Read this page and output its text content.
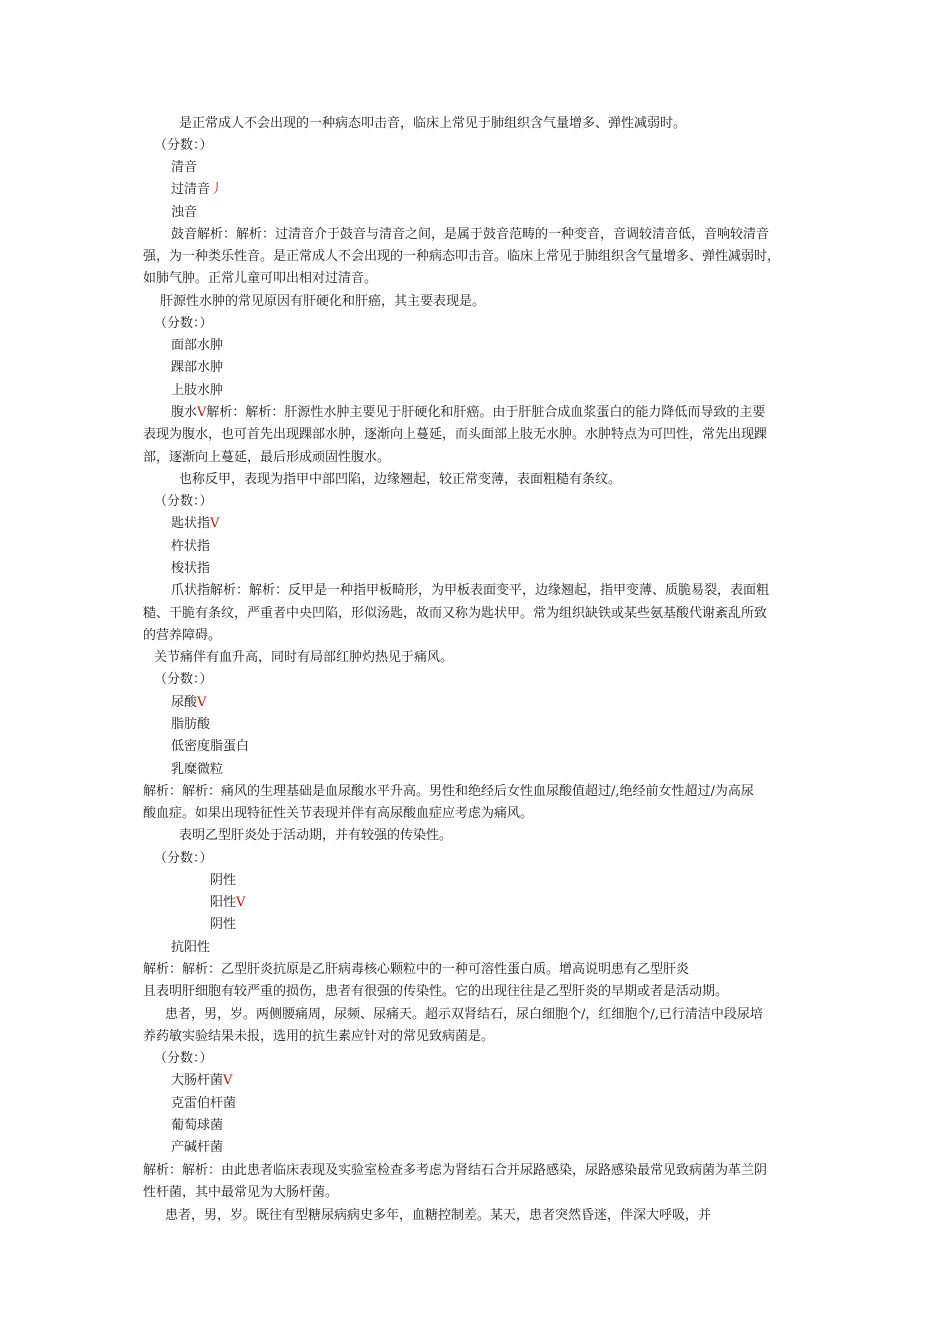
是正常成人不会出现的一种病态叩击音，临床上常见于肺组织含气量增多、弹性减弱时。
（分数：）
清音
过清音丿
浊音
鼓音解析：解析：过清音介于鼓音与清音之间，是属于鼓音范畴的一种变音，音调较清音低，音响较清音
强，为一种类乐性音。是正常成人不会出现的一种病态叩击音。临床上常见于肺组织含气量增多、弹性减弱时，
如肺气肿。正常儿童可叩出相对过清音。
肝源性水肿的常见原因有肝硬化和肝癌，其主要表现是。
（分数：）
面部水肿
踝部水肿
上肢水肿
腹水V解析：解析：肝源性水肿主要见于肝硬化和肝癌。由于肝脏合成血浆蛋白的能力降低而导致的主要
表现为腹水，也可首先出现踝部水肿，逐渐向上蔓延，而头面部上肢无水肿。水肿特点为可凹性，常先出现踝
部，逐渐向上蔓延，最后形成顽固性腹水。
也称反甲，表现为指甲中部凹陷，边缘翘起，较正常变薄，表面粗糙有条纹。
（分数：）
匙状指V
杵状指
梭状指
爪状指解析：解析：反甲是一种指甲板畸形，为甲板表面变平，边缘翘起，指甲变薄、质脆易裂，表面粗
糙、干脆有条纹，严重者中央凹陷，形似汤匙，故而又称为匙状甲。常为组织缺铁或某些氨基酸代谢紊乱所致
的营养障碍。
关节痛伴有血升高，同时有局部红肿灼热见于痛风。
（分数：）
尿酸V
脂肪酸
低密度脂蛋白
乳糜微粒
解析：解析：痛风的生理基础是血尿酸水平升高。男性和绝经后女性血尿酸值超过/,绝经前女性超过/为高尿
酸血症。如果出现特征性关节表现并伴有高尿酸血症应考虑为痛风。
表明乙型肝炎处于活动期，并有较强的传染性。
（分数：）
阴性
阳性V
阴性
抗阳性
解析：解析：乙型肝炎抗原是乙肝病毒核心颗粒中的一种可溶性蛋白质。增高说明患有乙型肝炎
且表明肝细胞有较严重的损伤，患者有很强的传染性。它的出现往往是乙型肝炎的早期或者是活动期。
患者，男，岁。两侧腰痛周，尿频、尿痛天。超示双肾结石，尿白细胞个/，红细胞个/,已行清洁中段尿培
养药敏实验结果未报，选用的抗生素应针对的常见致病菌是。
（分数：）
大肠杆菌V
克雷伯杆菌
葡萄球菌
产碱杆菌
解析：解析：由此患者临床表现及实验室检查多考虑为肾结石合并尿路感染，尿路感染最常见致病菌为革兰阴
性杆菌，其中最常见为大肠杆菌。
患者，男，岁。既往有型糖尿病病史多年，血糖控制差。某天，患者突然昏迷，伴深大呼吸，并
